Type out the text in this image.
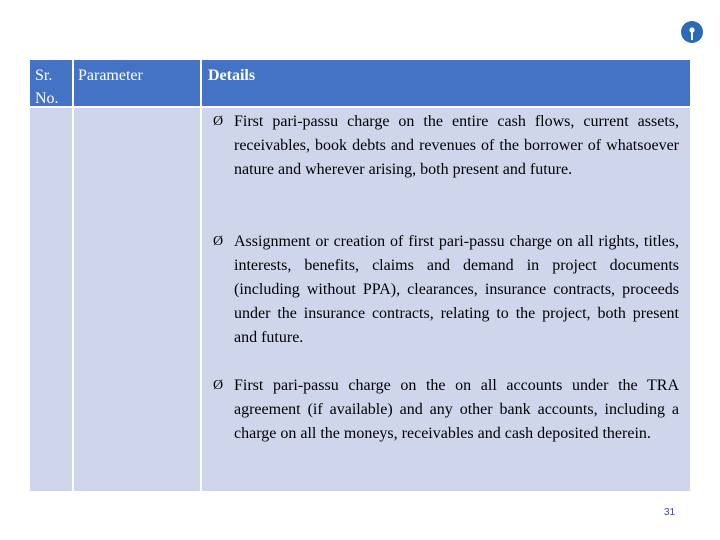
Sr. No.
Parameter	Details
Ø First pari-passu charge on the entire cash flows, current assets, receivables, book debts and revenues of the borrower of whatsoever nature and wherever arising, both present and future.
Ø Assignment or creation of first pari-passu charge on all rights, titles, interests, benefits, claims and demand in project documents (including without PPA), clearances, insurance contracts, proceeds under the insurance contracts, relating to the project, both present and future.
Ø First pari-passu charge on the on all accounts under the TRA agreement (if available) and any other bank accounts, including a charge on all the moneys, receivables and cash deposited therein.
31
